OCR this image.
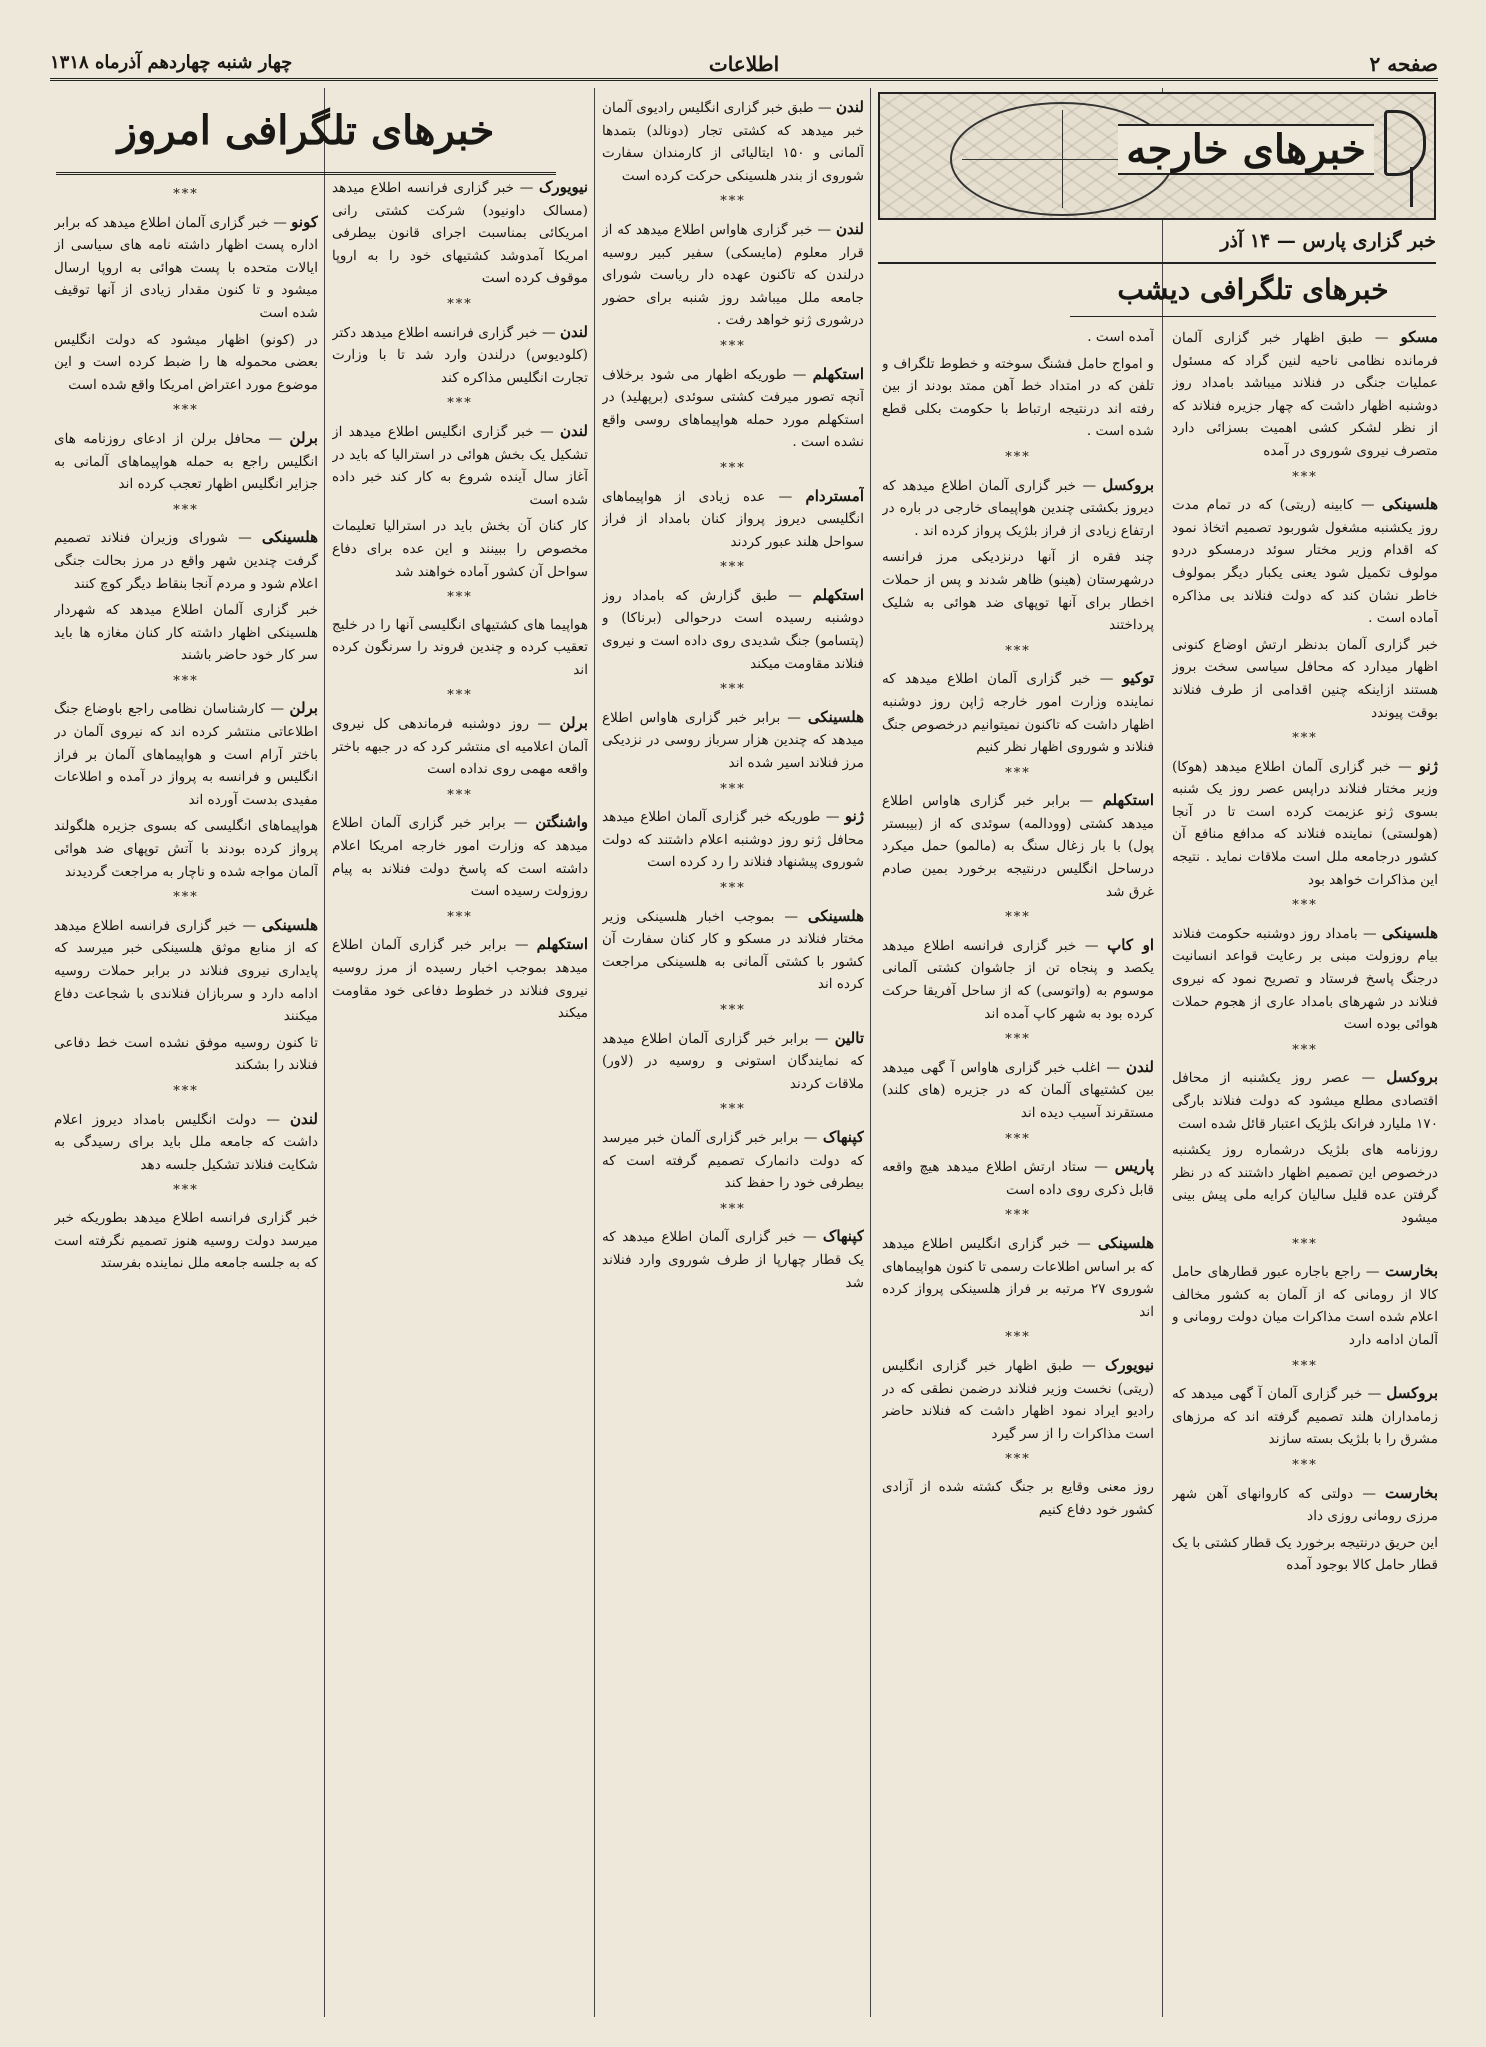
صفحه ۲
اطلاعات
چهار شنبه چهاردهم آذرماه ۱۳۱۸
خبرهای خارجه
خبر گزاری پارس — ۱۴ آذر
خبرهای تلگرافی دیشب
خبرهای تلگرافی امروز

مسکو — طبق اظهار خبر گزاری آلمان فرمانده نظامی ناحیه لنین گراد که مسئول عملیات جنگی در فنلاند میباشد بامداد روز دوشنبه اظهار داشت که چهار جزیره فنلاند که از نظر لشکر کشی اهمیت بسزائی دارد متصرف نیروی شوروی در آمده

***

هلسینکی — کابینه (ریتی) که در تمام مدت روز یکشنبه مشغول شوربود تصمیم اتخاذ نمود که اقدام وزیر مختار سوئد درمسکو دردو مولوف تکمیل شود یعنی یکبار دیگر بمولوف خاطر نشان کند که دولت فنلاند بی مذاکره آماده است .

خبر گزاری آلمان بدنظر ارتش اوضاع کنونی اظهار میدارد که محافل سیاسی سخت بروز هستند ازاینکه چنین اقدامی از طرف فنلاند بوقت پیوندد

***

ژنو — خبر گزاری آلمان اطلاع میدهد (هوکا) وزیر مختار فنلاند دراپس عصر روز یک شنبه بسوی ژنو عزیمت کرده است تا در آنجا (هولستی) نماینده فنلاند که مدافع منافع آن کشور درجامعه ملل است ملاقات نماید . نتیجه این مذاکرات خواهد بود

***

هلسینکی — بامداد روز دوشنبه حکومت فنلاند بیام روزولت مبنی بر رعایت قواعد انسانیت درجنگ پاسخ فرستاد و تصریح نمود که نیروی فنلاند در شهرهای بامداد عاری از هجوم حملات هوائی بوده است

***

بروکسل — عصر روز یکشنبه از محافل اقتصادی مطلع میشود که دولت فنلاند بارگی ۱۷۰ ملیارد فرانک بلژیک اعتبار قائل شده است

روزنامه های بلژیک درشماره روز یکشنبه درخصوص این تصمیم اظهار داشتند که در نظر گرفتن عده قلیل سالیان کرایه ملی پیش بینی میشود

***

بخارست — راجع باجاره عبور قطارهای حامل کالا از رومانی که از آلمان به کشور مخالف اعلام شده است مذاکرات میان دولت رومانی و آلمان ادامه دارد

***

بروکسل — خبر گزاری آلمان آ گهی میدهد که زمامداران هلند تصمیم گرفته اند که مرزهای مشرق را با بلژیک بسته سازند

***

بخارست — دولتی که کاروانهای آهن شهر مرزی رومانی روزی داد

این حریق درنتیجه برخورد یک قطار کشتی با یک قطار حامل کالا بوجود آمده

آمده است .

و امواج حامل فشنگ سوخته و خطوط تلگراف و تلفن که در امتداد خط آهن ممتد بودند از بین رفته اند درنتیجه ارتباط با حکومت بکلی قطع شده است .

***

بروکسل — خبر گزاری آلمان اطلاع میدهد که دیروز بکشتی چندین هواپیمای خارجی در باره در ارتفاع زیادی از فراز بلژیک پرواز کرده اند .

چند فقره از آنها درنزدیکی مرز فرانسه درشهرستان (هینو) ظاهر شدند و پس از حملات اخطار برای آنها توپهای ضد هوائی به شلیک پرداختند

***

توکیو — خبر گزاری آلمان اطلاع میدهد که نماینده وزارت امور خارجه ژاپن روز دوشنبه اظهار داشت که تاکنون نمیتوانیم درخصوص جنگ فنلاند و شوروی اظهار نظر کنیم

***

استکهلم — برابر خبر گزاری هاواس اطلاع میدهد کشتی (وودالمه) سوئدی که از (بیبستر پول) با بار زغال سنگ به (مالمو) حمل میکرد درساحل انگلیس درنتیجه برخورد بمین صادم غرق شد

***

او کاپ — خبر گزاری فرانسه اطلاع میدهد یکصد و پنجاه تن از جاشوان کشتی آلمانی موسوم به (واتوسی) که از ساحل آفریقا حرکت کرده بود به شهر کاپ آمده اند

***

لندن — اغلب خبر گزاری هاواس آ گهی میدهد بین کشتیهای آلمان که در جزیره (های کلند) مستقرند آسیب دیده اند

***

پاریس — ستاد ارتش اطلاع میدهد هیچ واقعه قابل ذکری روی داده است

***

هلسینکی — خبر گزاری انگلیس اطلاع میدهد که بر اساس اطلاعات رسمی تا کنون هواپیماهای شوروی ۲۷ مرتبه بر فراز هلسینکی پرواز کرده اند

***

نیویورک — طبق اظهار خبر گزاری انگلیس (ریتی) نخست وزیر فنلاند درضمن نطقی که در رادیو ایراد نمود اظهار داشت که فنلاند حاضر است مذاکرات را از سر گیرد

***

روز معنی وقایع بر جنگ کشته شده از آزادی کشور خود دفاع کنیم

لندن — طبق خبر گزاری انگلیس رادیوی آلمان خبر میدهد که کشتی تجار (دونالد) بتمدها آلمانی و ۱۵۰ ایتالیائی از کارمندان سفارت شوروی از بندر هلسینکی حرکت کرده است

***

لندن — خبر گزاری هاواس اطلاع میدهد که از قرار معلوم (مایسکی) سفیر کبیر روسیه درلندن که تاکنون عهده دار ریاست شورای جامعه ملل میباشد روز شنبه برای حضور درشوری ژنو خواهد رفت .

***

استکهلم — طوریکه اظهار می شود برخلاف آنچه تصور میرفت کشتی سوئدی (برپهلید) در استکهلم مورد حمله هواپیماهای روسی واقع نشده است .

***

آمستردام — عده زیادی از هواپیماهای انگلیسی دیروز پرواز کنان بامداد از فراز سواحل هلند عبور کردند

***

استکهلم — طبق گزارش که بامداد روز دوشنبه رسیده است درحوالی (برناکا) و (پتسامو) جنگ شدیدی روی داده است و نیروی فنلاند مقاومت میکند

***

هلسینکی — برابر خبر گزاری هاواس اطلاع میدهد که چندین هزار سرباز روسی در نزدیکی مرز فنلاند اسیر شده اند

***

ژنو — طوریکه خبر گزاری آلمان اطلاع میدهد محافل ژنو روز دوشنبه اعلام داشتند که دولت شوروی پیشنهاد فنلاند را رد کرده است

***

هلسینکی — بموجب اخبار هلسینکی وزیر مختار فنلاند در مسکو و کار کنان سفارت آن کشور با کشتی آلمانی به هلسینکی مراجعت کرده اند

***

تالین — برابر خبر گزاری آلمان اطلاع میدهد که نمایندگان استونی و روسیه در (لاور) ملاقات کردند

***

کپنهاک — برابر خبر گزاری آلمان خبر میرسد که دولت دانمارک تصمیم گرفته است که بیطرفی خود را حفظ کند

***

کپنهاک — خبر گزاری آلمان اطلاع میدهد که یک قطار چهارپا از طرف شوروی وارد فنلاند شد

نیویورک — خبر گزاری فرانسه اطلاع میدهد (مسالک داونیود) شرکت کشتی رانی امریکائی بمناسبت اجرای قانون بیطرفی امریکا آمدوشد کشتیهای خود را به اروپا موقوف کرده است

***

لندن — خبر گزاری فرانسه اطلاع میدهد دکتر (کلودیوس) درلندن وارد شد تا با وزارت تجارت انگلیس مذاکره کند

***

لندن — خبر گزاری انگلیس اطلاع میدهد از تشکیل یک بخش هوائی در استرالیا که باید در آغاز سال آینده شروع به کار کند خبر داده شده است

کار کنان آن بخش باید در استرالیا تعلیمات مخصوص را ببینند و این عده برای دفاع سواحل آن کشور آماده خواهند شد

***

هواپیما های کشتیهای انگلیسی آنها را در خلیج تعقیب کرده و چندین فروند را سرنگون کرده اند

***

برلن — روز دوشنبه فرماندهی کل نیروی آلمان اعلامیه ای منتشر کرد که در جبهه باختر واقعه مهمی روی نداده است

***

واشنگتن — برابر خبر گزاری آلمان اطلاع میدهد که وزارت امور خارجه امریکا اعلام داشته است که پاسخ دولت فنلاند به پیام روزولت رسیده است

***

استکهلم — برابر خبر گزاری آلمان اطلاع میدهد بموجب اخبار رسیده از مرز روسیه نیروی فنلاند در خطوط دفاعی خود مقاومت میکند

***

کونو — خبر گزاری آلمان اطلاع میدهد که برابر اداره پست اظهار داشته نامه های سیاسی از ایالات متحده با پست هوائی به اروپا ارسال میشود و تا کنون مقدار زیادی از آنها توقیف شده است

در (کونو) اظهار میشود که دولت انگلیس بعضی محموله ها را ضبط کرده است و این موضوع مورد اعتراض امریکا واقع شده است

***

برلن — محافل برلن از ادعای روزنامه های انگلیس راجع به حمله هواپیماهای آلمانی به جزایر انگلیس اظهار تعجب کرده اند

***

هلسینکی — شورای وزیران فنلاند تصمیم گرفت چندین شهر واقع در مرز بحالت جنگی اعلام شود و مردم آنجا بنقاط دیگر کوچ کنند

خبر گزاری آلمان اطلاع میدهد که شهردار هلسینکی اظهار داشته کار کنان مغازه ها باید سر کار خود حاضر باشند

***

برلن — کارشناسان نظامی راجع باوضاع جنگ اطلاعاتی منتشر کرده اند که نیروی آلمان در باختر آرام است و هواپیماهای آلمان بر فراز انگلیس و فرانسه به پرواز در آمده و اطلاعات مفیدی بدست آورده اند

هواپیماهای انگلیسی که بسوی جزیره هلگولند پرواز کرده بودند با آتش توپهای ضد هوائی آلمان مواجه شده و ناچار به مراجعت گردیدند

***

هلسینکی — خبر گزاری فرانسه اطلاع میدهد که از منابع موثق هلسینکی خبر میرسد که پایداری نیروی فنلاند در برابر حملات روسیه ادامه دارد و سربازان فنلاندی با شجاعت دفاع میکنند

تا کنون روسیه موفق نشده است خط دفاعی فنلاند را بشکند

***

لندن — دولت انگلیس بامداد دیروز اعلام داشت که جامعه ملل باید برای رسیدگی به شکایت فنلاند تشکیل جلسه دهد

***

خبر گزاری فرانسه اطلاع میدهد بطوریکه خبر میرسد دولت روسیه هنوز تصمیم نگرفته است که به جلسه جامعه ملل نماینده بفرستد
